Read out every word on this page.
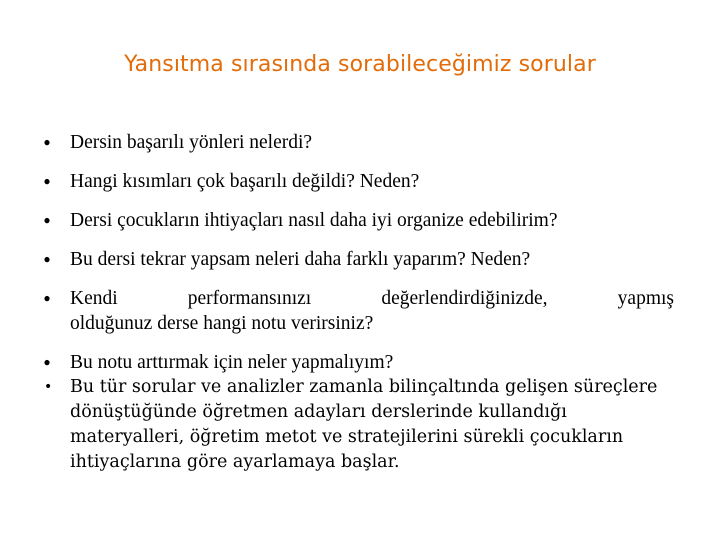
Yansıtma sırasında sorabileceğimiz sorular
⦁	Dersin başarılı yönleri nelerdi?
⦁	Hangi kısımları çok başarılı değildi? Neden?
⦁	Dersi çocukların ihtiyaçları nasıl daha iyi organize edebilirim?
⦁	Bu dersi tekrar yapsam neleri daha farklı yaparım? Neden?
⦁	Kendi performansınızı değerlendirdiğinizde, yapmış
olduğunuz derse hangi notu verirsiniz?
⦁	Bu notu arttırmak için neler yapmalıyım?
•	Bu tür sorular ve analizler zamanla bilinçaltında gelişen süreçlere dönüştüğünde öğretmen adayları derslerinde kullandığı materyalleri, öğretim metot ve stratejilerini sürekli çocukların ihtiyaçlarına göre ayarlamaya başlar.
